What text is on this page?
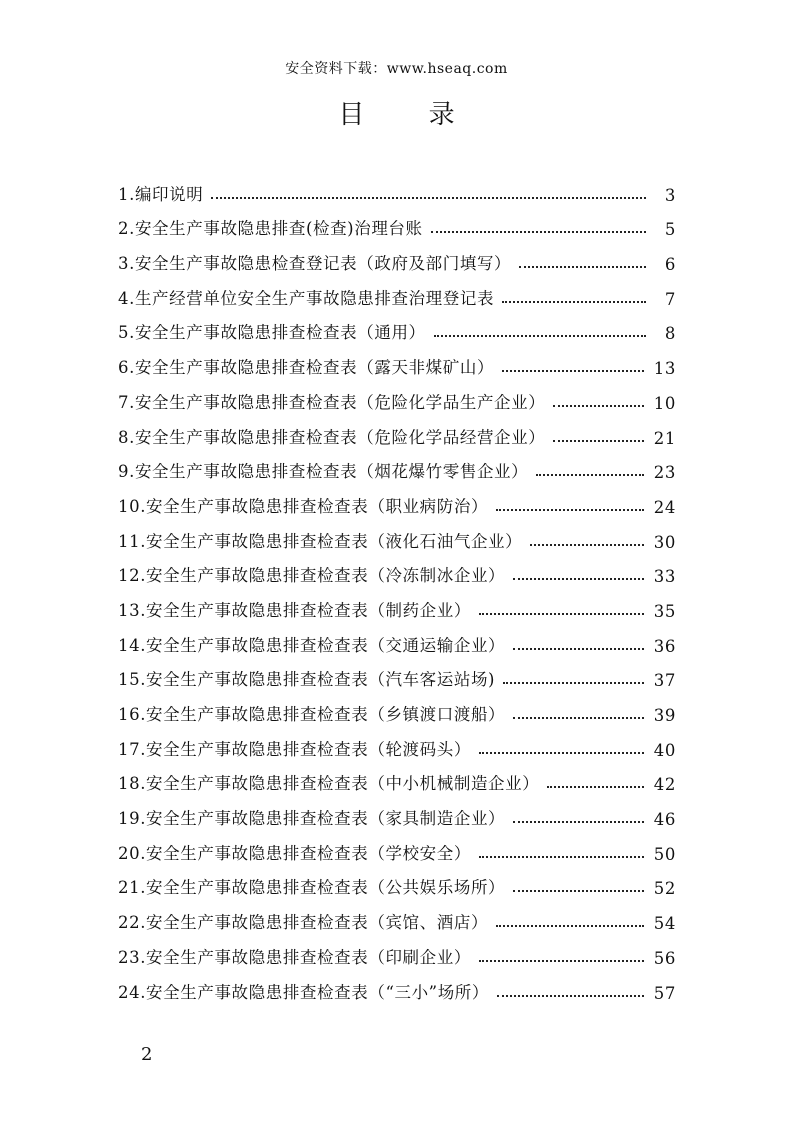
安全资料下载：www.hseaq.com
目 录
1.编印说明	3
2.安全生产事故隐患排查(检查)治理台账	5
3.安全生产事故隐患检查登记表（政府及部门填写）	6
4.生产经营单位安全生产事故隐患排查治理登记表	7
5.安全生产事故隐患排查检查表（通用）	8
6.安全生产事故隐患排查检查表（露天非煤矿山）	13
7.安全生产事故隐患排查检查表（危险化学品生产企业）	10
8.安全生产事故隐患排查检查表（危险化学品经营企业）	21
9.安全生产事故隐患排查检查表（烟花爆竹零售企业）	23
10.安全生产事故隐患排查检查表（职业病防治）	24
11.安全生产事故隐患排查检查表（液化石油气企业）	30
12.安全生产事故隐患排查检查表（冷冻制冰企业）	33
13.安全生产事故隐患排查检查表（制药企业）	35
14.安全生产事故隐患排查检查表（交通运输企业）	36
15.安全生产事故隐患排查检查表（汽车客运站场)	37
16.安全生产事故隐患排查检查表（乡镇渡口渡船）	39
17.安全生产事故隐患排查检查表（轮渡码头）	40
18.安全生产事故隐患排查检查表（中小机械制造企业）	42
19.安全生产事故隐患排查检查表（家具制造企业）	46
20.安全生产事故隐患排查检查表（学校安全）	50
21.安全生产事故隐患排查检查表（公共娱乐场所）	52
22.安全生产事故隐患排查检查表（宾馆、酒店）	54
23.安全生产事故隐患排查检查表（印刷企业）	56
24.安全生产事故隐患排查检查表（“三小”场所）	57
2
